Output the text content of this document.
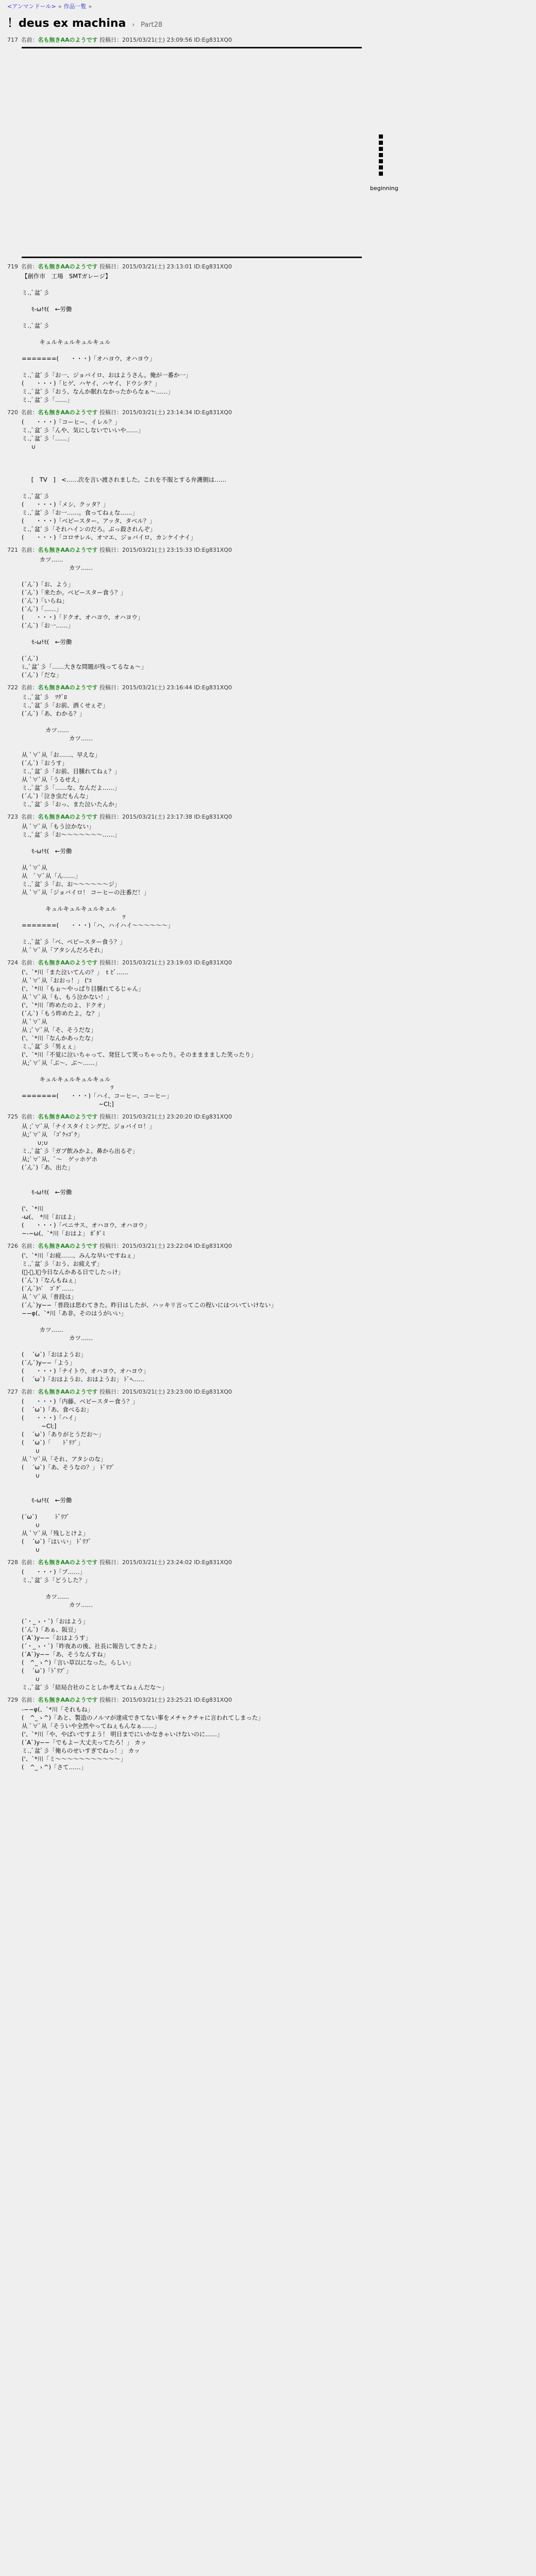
<アンマンドール> » 作品一覧 »
！deus ex machina › Part28
717 名前：名も無きAAのようです 投稿日：2015/03/21(土) 23:09:56 ID:Eg831XQ0
beginning
719 名前：名も無きAAのようです 投稿日：2015/03/21(土) 23:13:01 ID:Eg831XQ0
【創作市　工場　SMTガレージ】
ミ.,ﾟ盆ﾟ彡
　  ﾓ-ω!ﾓ(　←労働
ミ.,ﾟ盆ﾟ彡
　　　キュルキュルキュルキュル
=======(　　・・・)「オハヨウ、オハヨウ」
ミ.,ﾟ盆ﾟ彡「お一、ジョバイロ、おはようさん。俺が一番か一」
(　　・・・)「ヒゲ、ハヤイ、ハヤイ、ドウシタ？」
ミ.,ﾟ盆ﾟ彡「おう、なんか眠れなかったからなぁ～……」
ミ.,ﾟ盆ﾟ彡「……」
720 名前：名も無きAAのようです 投稿日：2015/03/21(土) 23:14:34 ID:Eg831XQ0
(　　・・・)「コーヒー、イレル？」
ミ.,ﾟ盆ﾟ彡「んや、気にしないでいいや……」
ミ.,ﾟ盆ﾟ彡「……」
　  ∪
　  [　TV　]　<……次を言い渡されました。これを不服とする弁護側は……
ミ.,ﾟ盆ﾟ彡
(　　・・・)「メシ、クッタ？」
ミ.,ﾟ盆ﾟ彡「お一……。食ってねぇな……」
(　　・・・)「ベビースター、アッタ、タベル？」
ミ.,ﾟ盆ﾟ彡「それハインのだろ。ぶっ殺されんぞ」
(　　・・・)「コロサレル、オマエ、ジョバイロ、カンケイナイ」
721 名前：名も無きAAのようです 投稿日：2015/03/21(土) 23:15:33 ID:Eg831XQ0
　　　カツ……
　　　　　　　　カツ……
(´ん`)「お、よう」
(´ん`)「来たか。ベビースター食う？」
(´ん`)「いらね」
(´ん`)「……」
(　　・・・)「ドクオ、オハヨウ、オハヨウ」
(´ん`)「お一……」
　  ﾓ-ω!ﾓ(　←労働
(´ん`)
ﾐ.,ﾟ盆ﾟ彡「……大きな問題が残ってるなぁ～」
(´ん`)「だな」
722 名前：名も無きAAのようです 投稿日：2015/03/21(土) 23:16:44 ID:Eg831XQ0
ミ.,ﾟ盆ﾟ彡　ﾂｸﾞﾛ
ミ.,ﾟ盆ﾟ彡「お前、酒くせぇぞ」
(´ん`)「あ、わかる？」
　　　　カツ……
　　　　　　　　カツ……
从 ﾟ∀ﾟ从「お……、早えな」
(´ん`)「おうす」
ミ.,ﾟ盆ﾟ彡「お前、目腫れてねぇ？」
从 ﾟ∀ﾟ从「うるせえ」
ミ.,ﾟ盆ﾟ彡「……な、なんだよ……」
(´ん`)「泣き虫だもんな」
ミ.,ﾟ盆ﾟ彡「おっ、また泣いたんか」
723 名前：名も無きAAのようです 投稿日：2015/03/21(土) 23:17:38 ID:Eg831XQ0
从 ﾟ∀ﾟ从「もう泣かない」
ミ.,ﾟ盆ﾟ彡「お〜〜〜〜〜〜〜……」
　  ﾓ-ω!ﾓ(　←労働
从 ﾟ∀ﾟ从
从　ﾟ∀ﾟ从「ん……」
ミ.,ﾟ盆ﾟ彡「お、お〜〜〜〜〜〜ジ」
从 ﾟ∀ﾟ从「ジョバイロ！ コーヒーの注番だ！」
　　　　キュルキュルキュルキュル
　　　　　　　　　　　　　　　　　ﾂ
=======(　　・・・)「ハ、ハイハイ〜〜〜〜〜〜」
ミ.,ﾟ盆ﾟ彡「ベ、ベビースター食う？」
从 ﾟ∀ﾟ从「アタシんだろそれ」
724 名前：名も無きAAのようです 投稿日：2015/03/21(土) 23:19:03 ID:Eg831XQ0
('、`*川「また泣いてんの？」 ｔﾋﾞ……
从 ﾟ∀ﾟ从「おおっ！」 ('ｺ
('、`*川「もぉ〜やっぱり目腫れてるじゃん」
从 ﾟ∀ﾟ从「も、もう泣かない！」
('、`*川「昨めたのよ、ドクオ」
(´ん`)「もう昨めたよ。な？」
从 ﾟ∀ﾟ从
从 ;ﾟ∀ﾟ从「そ、そうだな」
('、`*川「なんかあったな」
ミ.,ﾟ盆ﾟ彡「男ぇぇ」
('、`*川「不覚に泣いちゃって、発狂して笑っちゃったり。そのまままました笑ったり」
从;ﾟ∀ﾟ从「ぶ～、ぶ～……」
　　　キュルキュルキュルキュル
　　　　　　　　　　　　　　　ﾂ
=======(　　・・・)「ハイ、コーヒー、コーヒー」
　　　　　　　　　　　　　~Cl;]
725 名前：名も無きAAのようです 投稿日：2015/03/21(土) 23:20:20 ID:Eg831XQ0
从 ;ﾟ∀ﾟ从「ナイスタイミングだ、ジョバイロ！」
从;ﾟ∀ﾟ从　「ｺﾞｸｯｺﾞｸ」
　　  ∪;∪
ミ.,ﾟ盆ﾟ彡「ガブ飲みかよ。鼻から出るぞ」
从;ﾟ∀ﾟ从、ﾞ〜　ゲッホゲホ
(´ん`)「あ、出た」
　  ﾓ-ω!ﾓ(　←労働
('、`*川
-ω(、　*川「おはよ」
(　　・・・)「ペニサス、オハヨウ、オハヨウ」
~-~ω(、`*川「おはよ」 ﾎﾞﾀﾞﾐ
726 名前：名も無きAAのようです 投稿日：2015/03/21(土) 23:22:04 ID:Eg831XQ0
('、`*川「お疲……、みんな早いですねぇ」
ミ.,ﾟ盆ﾟ彡「おう、お疲えず」
(ﾟ-ﾟ,)「今日なんかある日でしたっけ」
(´ん`)「なんもねぇ」
(´ん`)ﾊﾟ　ｺﾞｸﾞ……
从 ﾟ∀ﾟ从「普段は」
(´ん`)y−−「普段は思わてきた。昨日はしたが、ハッキリ言ってこの程いにはついていけない」
−−φ(、`*川「あ非。そのはうがいい」
　　　カツ……
　　　　　　　　カツ……
(　 ´ω`)「おはようお」
(´ん`)y−−「よう」
(　　・・・)「ナイトウ、オハヨウ、オハヨウ」
(　 ´ω`)「おはようお、おはようお」 ﾄﾞﾍ……
727 名前：名も無きAAのようです 投稿日：2015/03/21(土) 23:23:00 ID:Eg831XQ0
(　　・・・)「内藤、ベビースター食う？」
(　 ´ω`)「あ、食べるお」
(　　・・・)「ハイ」
　　　 ~Cl;]
(　 ´ω`)「ありがとうだお〜」
(　 ´ω`)「　　ﾄﾞﾘﾌﾞ」
　　 ∪
从 ﾟ∀ﾟ从「それ、アタシのな」
(　 ´ω`)「あ、そうなの？」 ﾄﾞﾘﾌﾞ
　　 ∪
　  ﾓ-ω!ﾓ(　←労働
(´ω`)　　　ﾄﾞﾘﾌﾞ
　　 ∪
从 ﾟ∀ﾟ从「残しとけよ」
(　 ´ω`)「はいい」 ﾄﾞﾘﾌﾞ
　　 ∪
728 名前：名も無きAAのようです 投稿日：2015/03/21(土) 23:24:02 ID:Eg831XQ0
(　　・・・)「ブ……」
ミ.,ﾟ盆ﾟ彡「どうした？」
　　　　カツ……
　　　　　　　　カツ……
(´・_ゝ・`)「おはよう」
(´ん`)「あぁ、阪豆」
(´A`)y−−「おはようす」
(´・_ゝ・`)「昨夜あの後、社長に報告してきたよ」
(´A`)y−−「あ、そうなんすね」
(　^_ゝ^)「言い草以になった。らしい」
(　 ´ω`)「ﾄﾞﾘﾌﾞ」
　　 ∪
ミ.,ﾟ盆ﾟ彡「結局合社のことしか考えてねぇんだな〜」
729 名前：名も無きAAのようです 投稿日：2015/03/21(土) 23:25:21 ID:Eg831XQ0
-−−φ(、`*川「それもね」
(　^_ゝ^)「あと、製造のノルマが達成できてない事をメチャクチャに言われてしまった」
从 ﾟ∀ﾟ从「そういや全然やってねぇもんなぁ……」
('、`*川「や、やばいですよう！ 明日までにいかなきゃいけないのに……」
(´A`)y−−「でもよー大丈夫ってたろ！」 カッ
ミ.,ﾟ盆ﾟ彡「俺らのせいすぎでねっ！」 カッ
('、`*川「ミ〜〜〜〜〜〜〜〜〜〜〜」
(　^_ゝ^)「さて……」
